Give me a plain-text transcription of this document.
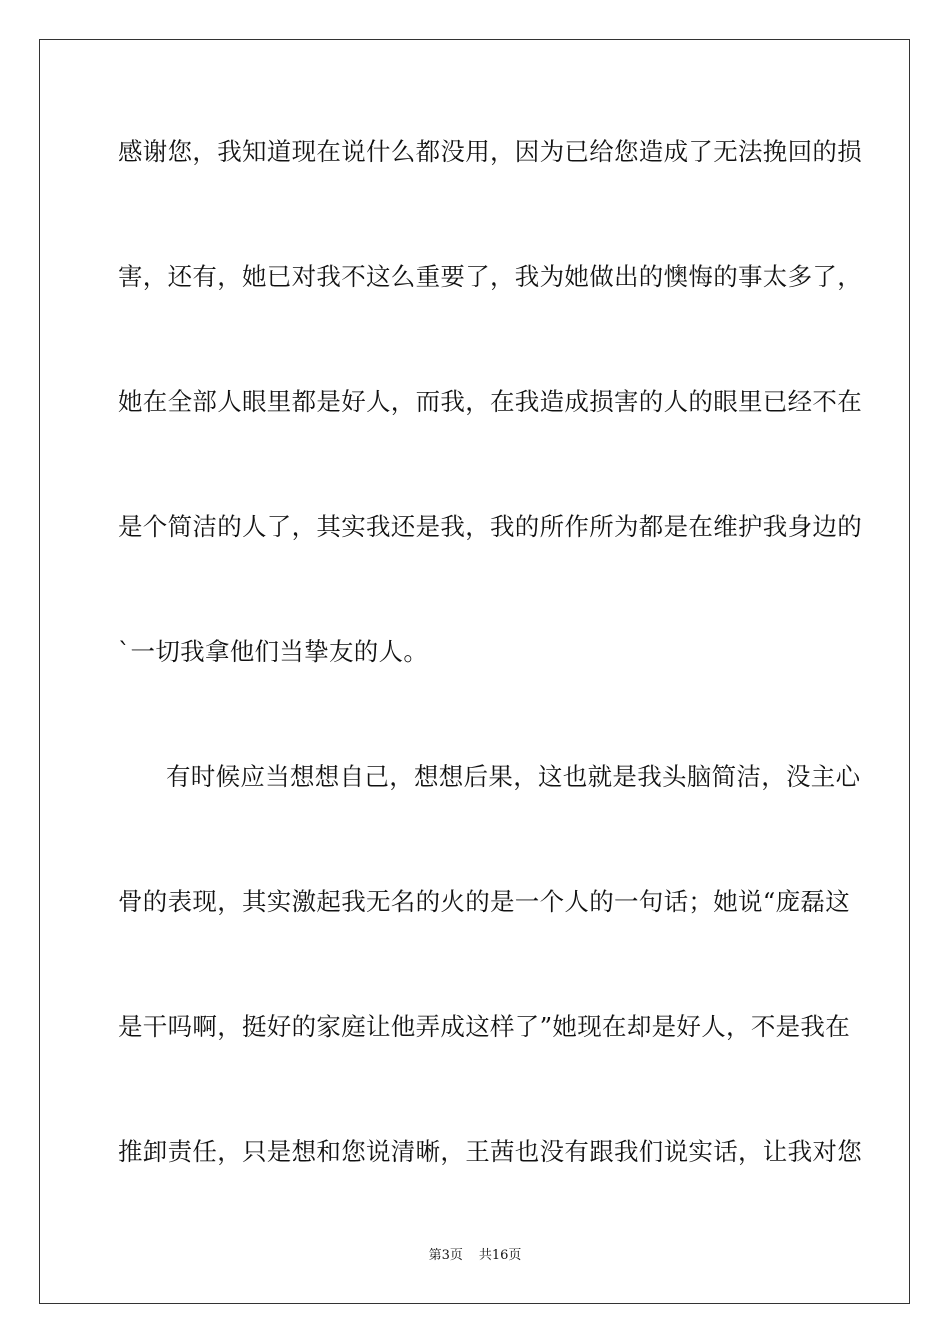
感谢您，我知道现在说什么都没用，因为已给您造成了无法挽回的损
害，还有，她已对我不这么重要了，我为她做出的懊悔的事太多了，
她在全部人眼里都是好人，而我，在我造成损害的人的眼里已经不在
是个简洁的人了，其实我还是我，我的所作所为都是在维护我身边的
`一切我拿他们当挚友的人。
有时候应当想想自己，想想后果，这也就是我头脑简洁，没主心
骨的表现，其实激起我无名的火的是一个人的一句话；她说“庞磊这
是干吗啊，挺好的家庭让他弄成这样了”她现在却是好人，不是我在
推卸责任，只是想和您说清晰，王茜也没有跟我们说实话，让我对您
第3页 共16页
